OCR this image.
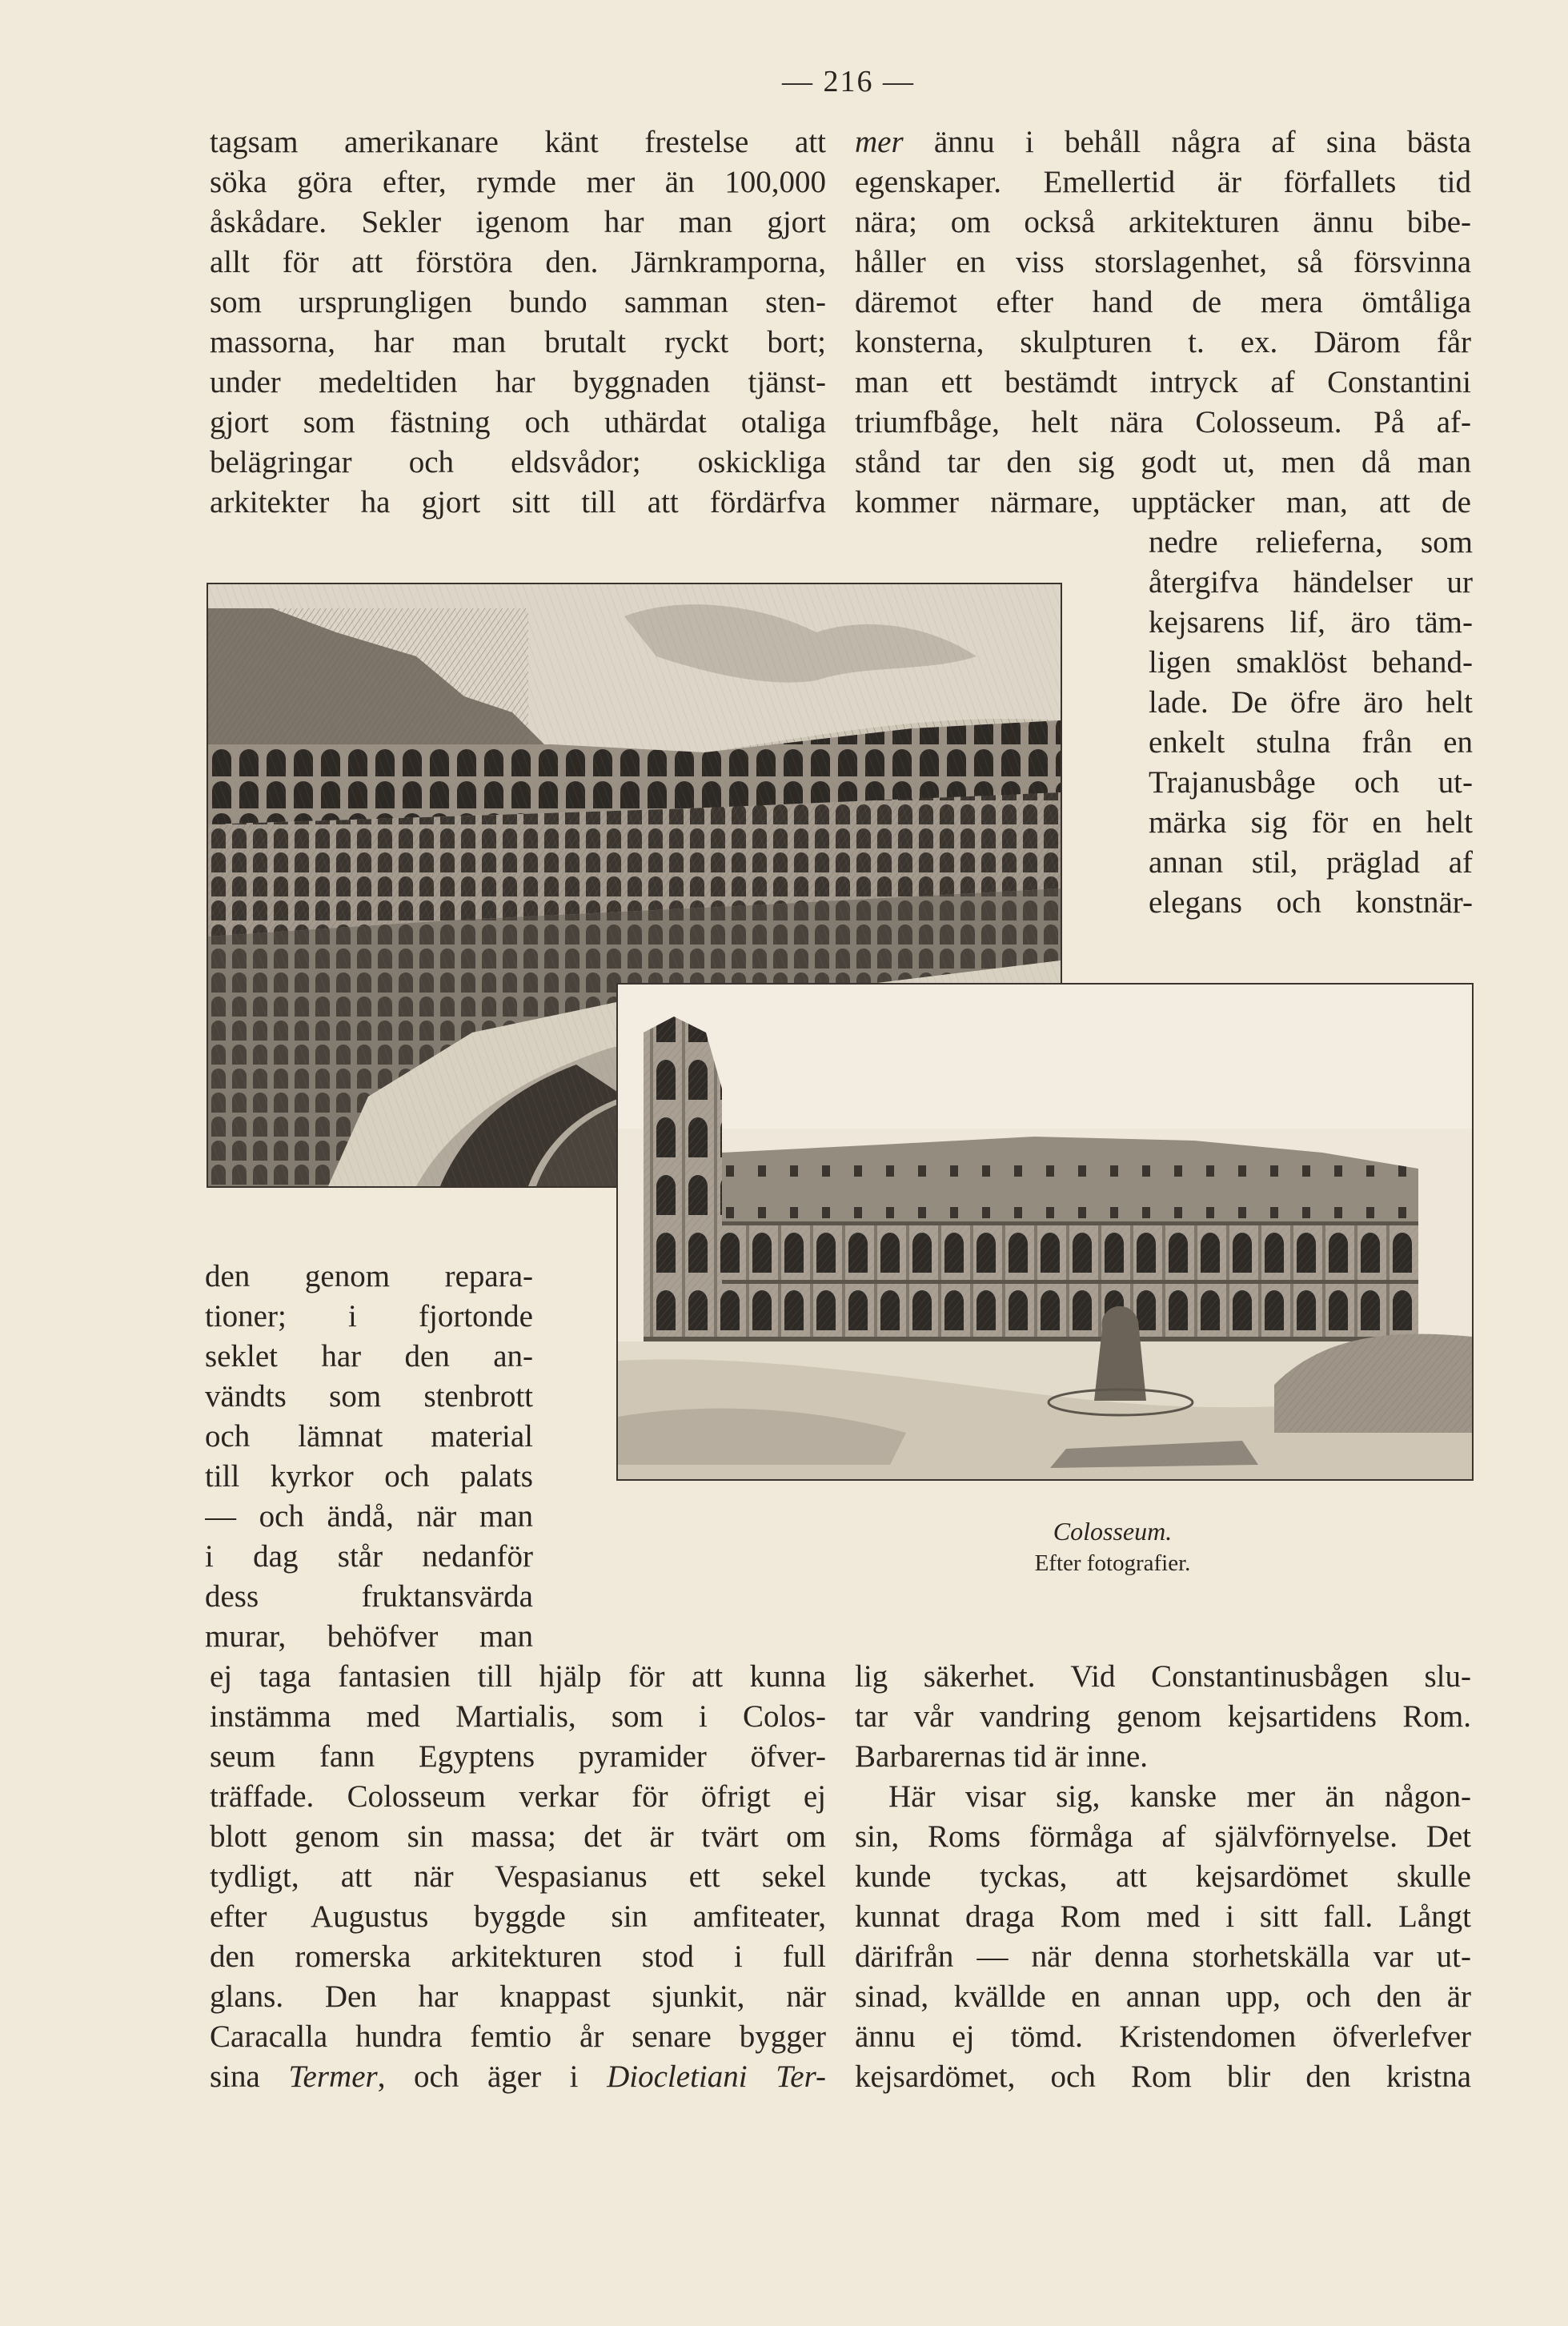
— 216 —
tagsam amerikanare känt frestelse att
söka göra efter, rymde mer än 100,000
åskådare. Sekler igenom har man gjort
allt för att förstöra den. Järnkramporna,
som ursprungligen bundo samman sten-
massorna, har man brutalt ryckt bort;
under medeltiden har byggnaden tjänst-
gjort som fästning och uthärdat otaliga
belägringar och eldsvådor; oskickliga
arkitekter ha gjort sitt till att fördärfva
mer ännu i behåll några af sina bästa
egenskaper. Emellertid är förfallets tid
nära; om också arkitekturen ännu bibe-
håller en viss storslagenhet, så försvinna
däremot efter hand de mera ömtåliga
konsterna, skulpturen t. ex. Därom får
man ett bestämdt intryck af Constantini
triumfbåge, helt nära Colosseum. På af-
stånd tar den sig godt ut, men då man
kommer närmare, upptäcker man, att de
nedre relieferna, som
återgifva händelser ur
kejsarens lif, äro täm-
ligen smaklöst behand-
lade. De öfre äro helt
enkelt stulna från en
Trajanusbåge och ut-
märka sig för en helt
annan stil, präglad af
elegans och konstnär-
den genom repara-
tioner; i fjortonde
seklet har den an-
vändts som stenbrott
och lämnat material
till kyrkor och palats
— och ändå, när man
i dag står nedanför
dess fruktansvärda
murar, behöfver man
Colosseum.
Efter fotografier.
ej taga fantasien till hjälp för att kunna
instämma med Martialis, som i Colos-
seum fann Egyptens pyramider öfver-
träffade. Colosseum verkar för öfrigt ej
blott genom sin massa; det är tvärt om
tydligt, att när Vespasianus ett sekel
efter Augustus byggde sin amfiteater,
den romerska arkitekturen stod i full
glans. Den har knappast sjunkit, när
Caracalla hundra femtio år senare bygger
sina Termer, och äger i Diocletiani Ter-
lig säkerhet. Vid Constantinusbågen slu-
tar vår vandring genom kejsartidens Rom.
Barbarernas tid är inne.
Här visar sig, kanske mer än någon-
sin, Roms förmåga af självförnyelse. Det
kunde tyckas, att kejsardömet skulle
kunnat draga Rom med i sitt fall. Långt
därifrån — när denna storhetskälla var ut-
sinad, kvällde en annan upp, och den är
ännu ej tömd. Kristendomen öfverlefver
kejsardömet, och Rom blir den kristna
